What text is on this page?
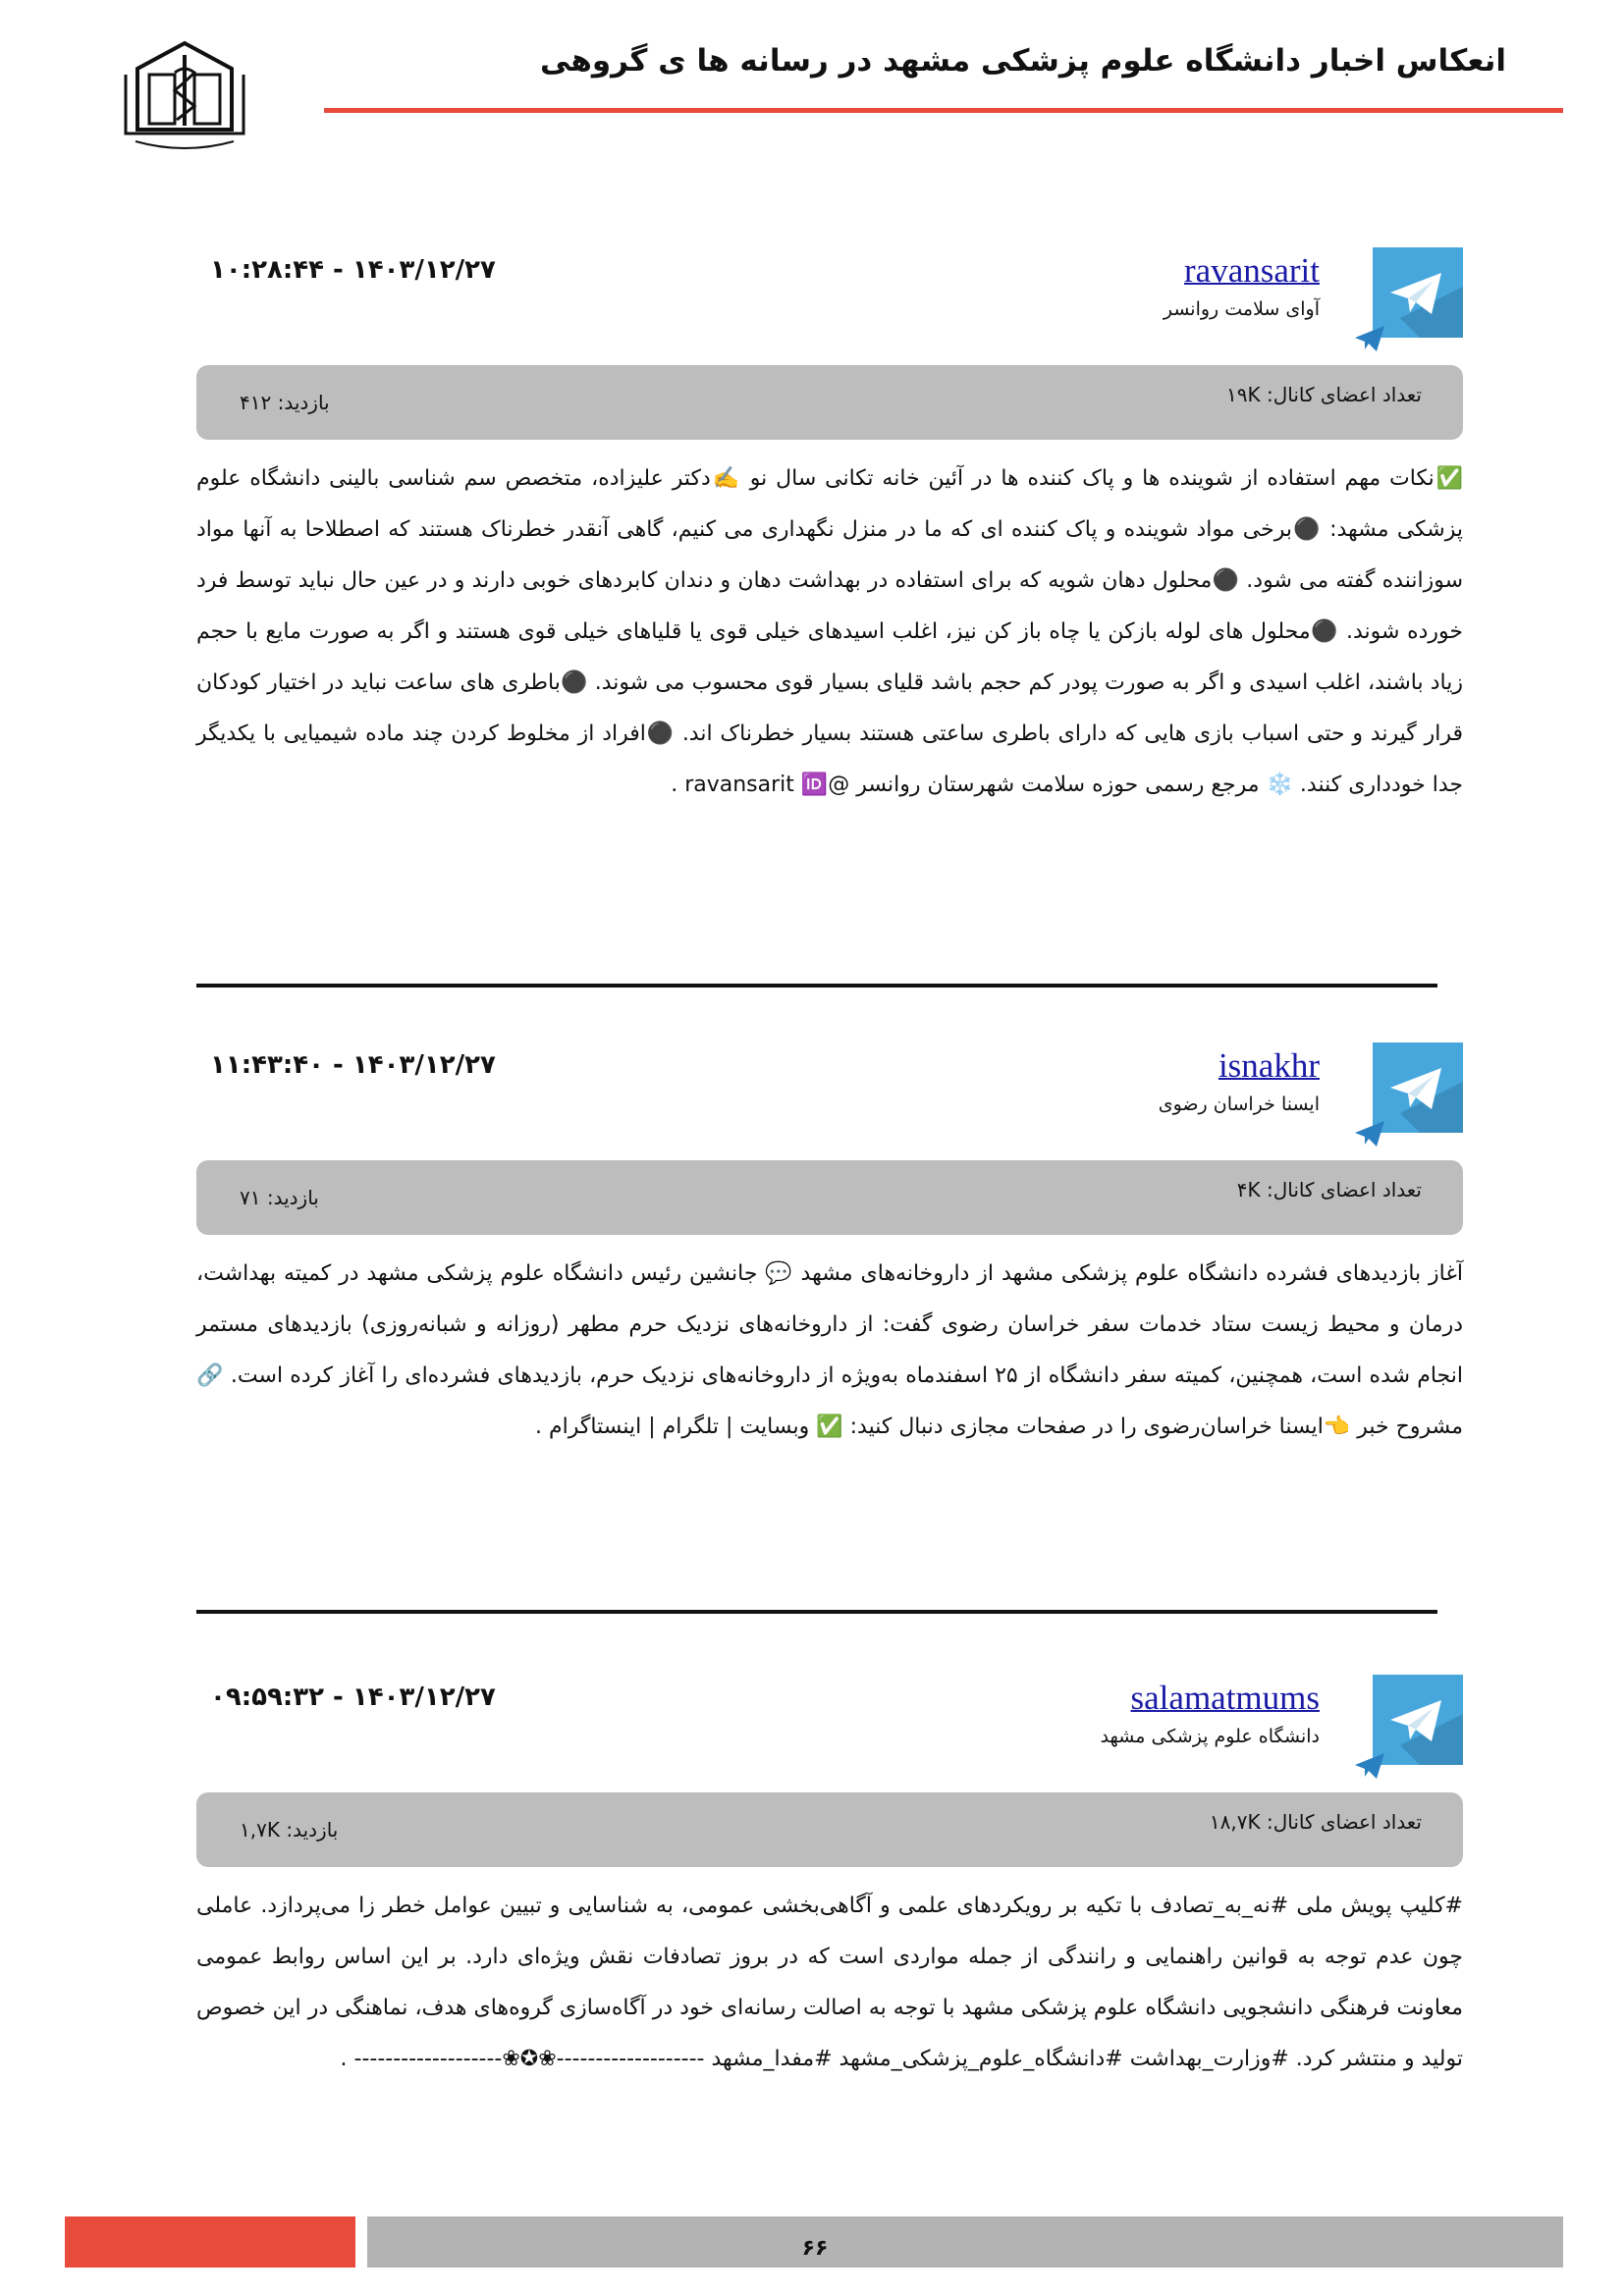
انعکاس اخبار دانشگاه علوم پزشکی مشهد در رسانه ها ی گروهی
ravansarit
آوای سلامت روانسر
۱۰:۲۸:۴۴ - ۱۴۰۳/۱۲/۲۷
تعداد اعضای کانال: ۱۹K
بازدید: ۴۱۲
✅نکات مهم استفاده از شوینده ها و پاک کننده ها در آئین خانه تکانی سال نو ✍️دکتر علیزاده، متخصص سم شناسی بالینی دانشگاه علوم پزشکی مشهد: ⚫️برخی مواد شوینده و پاک کننده ای که ما در منزل نگهداری می کنیم، گاهی آنقدر خطرناک هستند که اصطلاحا به آنها مواد سوزاننده گفته می شود. ⚫️محلول دهان شویه که برای استفاده در بهداشت دهان و دندان کابردهای خوبی دارند و در عین حال نباید توسط فرد خورده شوند. ⚫️محلول های لوله بازکن یا چاه باز کن نیز، اغلب اسیدهای خیلی قوی یا قلیاهای خیلی قوی هستند و اگر به صورت مایع با حجم زیاد باشند، اغلب اسیدی و اگر به صورت پودر کم حجم باشد قلیای بسیار قوی محسوب می شوند. ⚫️باطری های ساعت نباید در اختیار کودکان قرار گیرند و حتی اسباب بازی هایی که دارای باطری ساعتی هستند بسیار خطرناک اند. ⚫️افراد از مخلوط کردن چند ماده شیمیایی با یکدیگر جدا خودداری کنند. ❄️ مرجع رسمی حوزه سلامت شهرستان روانسر @ravansarit 🆔 .
isnakhr
ایسنا خراسان رضوی
۱۱:۴۳:۴۰ - ۱۴۰۳/۱۲/۲۷
تعداد اعضای کانال: ۴K
بازدید: ۷۱
آغاز بازدیدهای فشرده دانشگاه علوم پزشکی مشهد از داروخانه‌های مشهد 💬 جانشین رئیس دانشگاه علوم پزشکی مشهد در کمیته بهداشت، درمان و محیط زیست ستاد خدمات سفر خراسان رضوی گفت: از داروخانه‌های نزدیک حرم مطهر (روزانه و شبانه‌روزی) بازدیدهای مستمر انجام شده است، همچنین، کمیته سفر دانشگاه از ۲۵ اسفندماه به‌ویژه از داروخانه‌های نزدیک حرم، بازدیدهای فشرده‌ای را آغاز کرده است. 🔗 مشروح خبر 👈ایسنا خراسان‌رضوی را در صفحات مجازی دنبال کنید: ✅ وبسایت | تلگرام | اینستاگرام .
salamatmums
دانشگاه علوم پزشکی مشهد
۰۹:۵۹:۳۲ - ۱۴۰۳/۱۲/۲۷
تعداد اعضای کانال: ۱۸,۷K
بازدید: ۱,۷K
#کلیپ پویش ملی #نه_به_تصادف با تکیه بر رویکردهای علمی و آگاهی‌بخشی عمومی، به شناسایی و تبیین عوامل خطر زا می‌پردازد. عاملی چون عدم توجه به قوانین راهنمایی و رانندگی از جمله مواردی است که در بروز تصادفات نقش ویژه‌ای دارد. بر این اساس روابط عمومی معاونت فرهنگی دانشجویی دانشگاه علوم پزشکی مشهد با توجه به اصالت رسانه‌ای خود در آگاه‌سازی گروه‌های هدف، نماهنگی در این خصوص تولید و منتشر کرد. #وزارت_بهداشت #دانشگاه_علوم_پزشکی_مشهد #مفدا_مشهد ‐‐‐‐‐‐‐‐‐‐‐‐‐‐‐‐‐‐‐❀✪❀‐‐‐‐‐‐‐‐‐‐‐‐‐‐‐‐‐‐‐ .
۶۶
